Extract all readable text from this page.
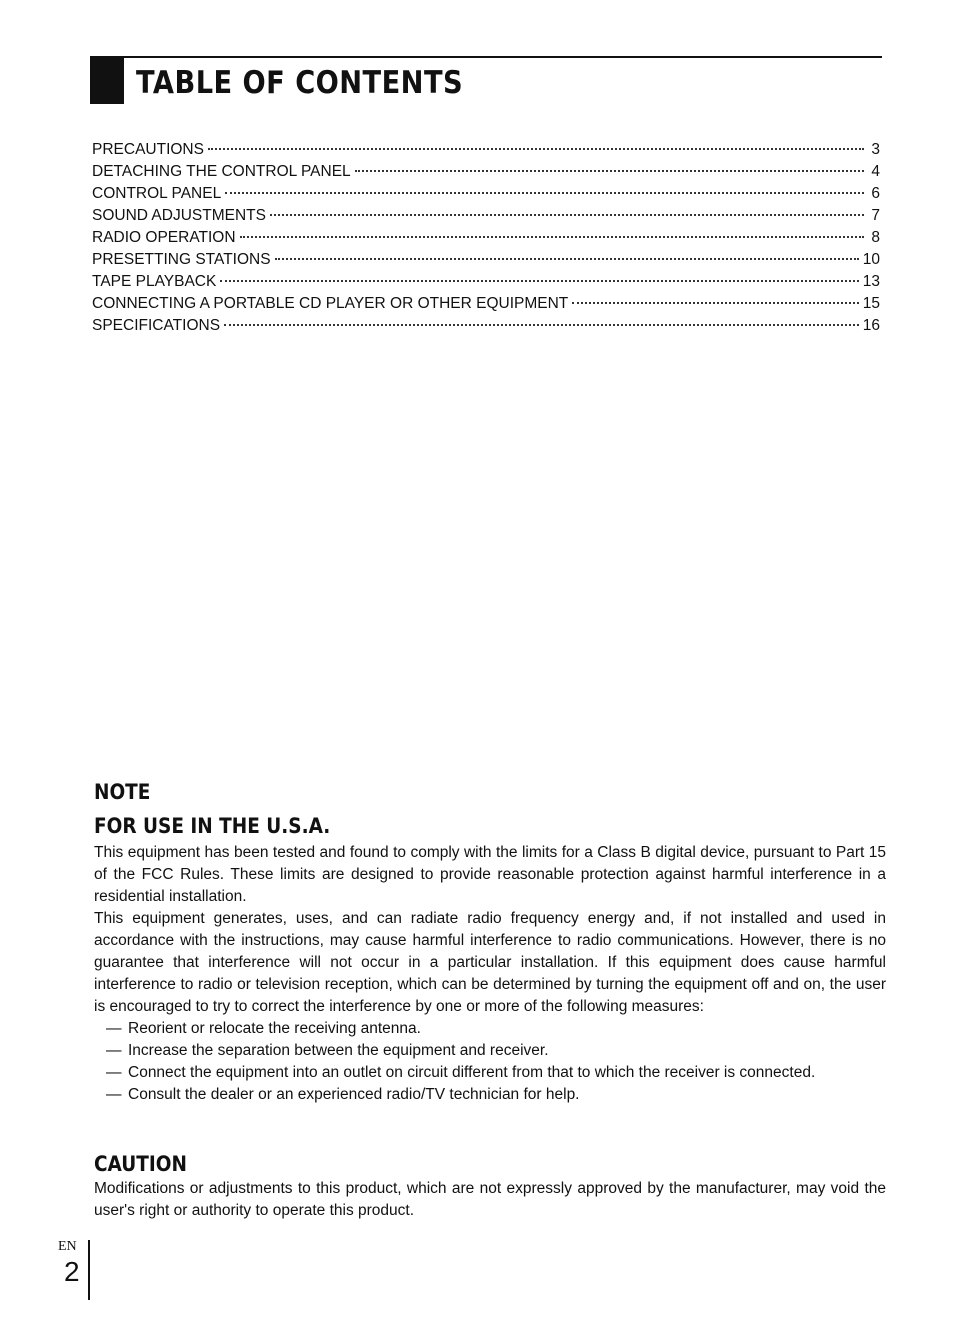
TABLE OF CONTENTS
PRECAUTIONS	3
DETACHING THE CONTROL PANEL	4
CONTROL PANEL	6
SOUND ADJUSTMENTS	7
RADIO OPERATION	8
PRESETTING STATIONS	10
TAPE PLAYBACK	13
CONNECTING A PORTABLE CD PLAYER OR OTHER EQUIPMENT	15
SPECIFICATIONS	16
NOTE
FOR USE IN THE U.S.A.

This equipment has been tested and found to comply with the limits for a Class B digital device, pursuant to Part 15 of the FCC Rules. These limits are designed to provide reasonable protection against harmful interference in a residential installation.

This equipment generates, uses, and can radiate radio frequency energy and, if not installed and used in accordance with the instructions, may cause harmful interference to radio communications. However, there is no guarantee that interference will not occur in a particular installation. If this equipment does cause harmful interference to radio or television reception, which can be determined by turning the equipment off and on, the user is encouraged to try to correct the interference by one or more of the following measures:

— Reorient or relocate the receiving antenna.
— Increase the separation between the equipment and receiver.
— Connect the equipment into an outlet on circuit different from that to which the receiver is connected.
— Consult the dealer or an experienced radio/TV technician for help.
CAUTION

Modifications or adjustments to this product, which are not expressly approved by the manufacturer, may void the user's right or authority to operate this product.

EN
2
